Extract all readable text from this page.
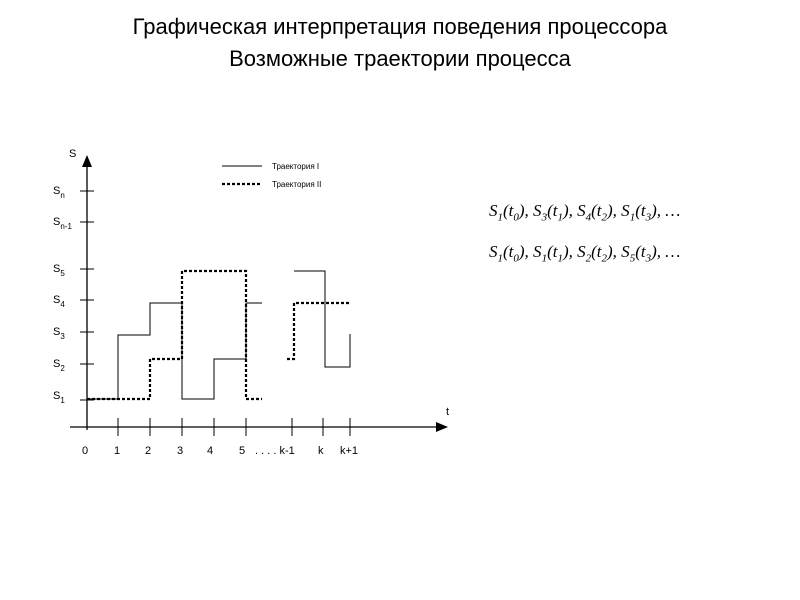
Графическая интерпретация поведения процессора
Возможные траектории процесса
S
t
$S_1$
$S_2$
$S_3$
$S_4$
$S_5$
$S_{n-1}$
$S_n$
0 1 2 3 4 5 . . . . k-1 k k+1
Траектория I
Траектория II
$S_1(t_0)$, $S_3(t_1)$, $S_4(t_2)$, $S_1(t_3)$, …
$S_1(t_0)$, $S_1(t_1)$, $S_2(t_2)$, $S_5(t_3)$, …
